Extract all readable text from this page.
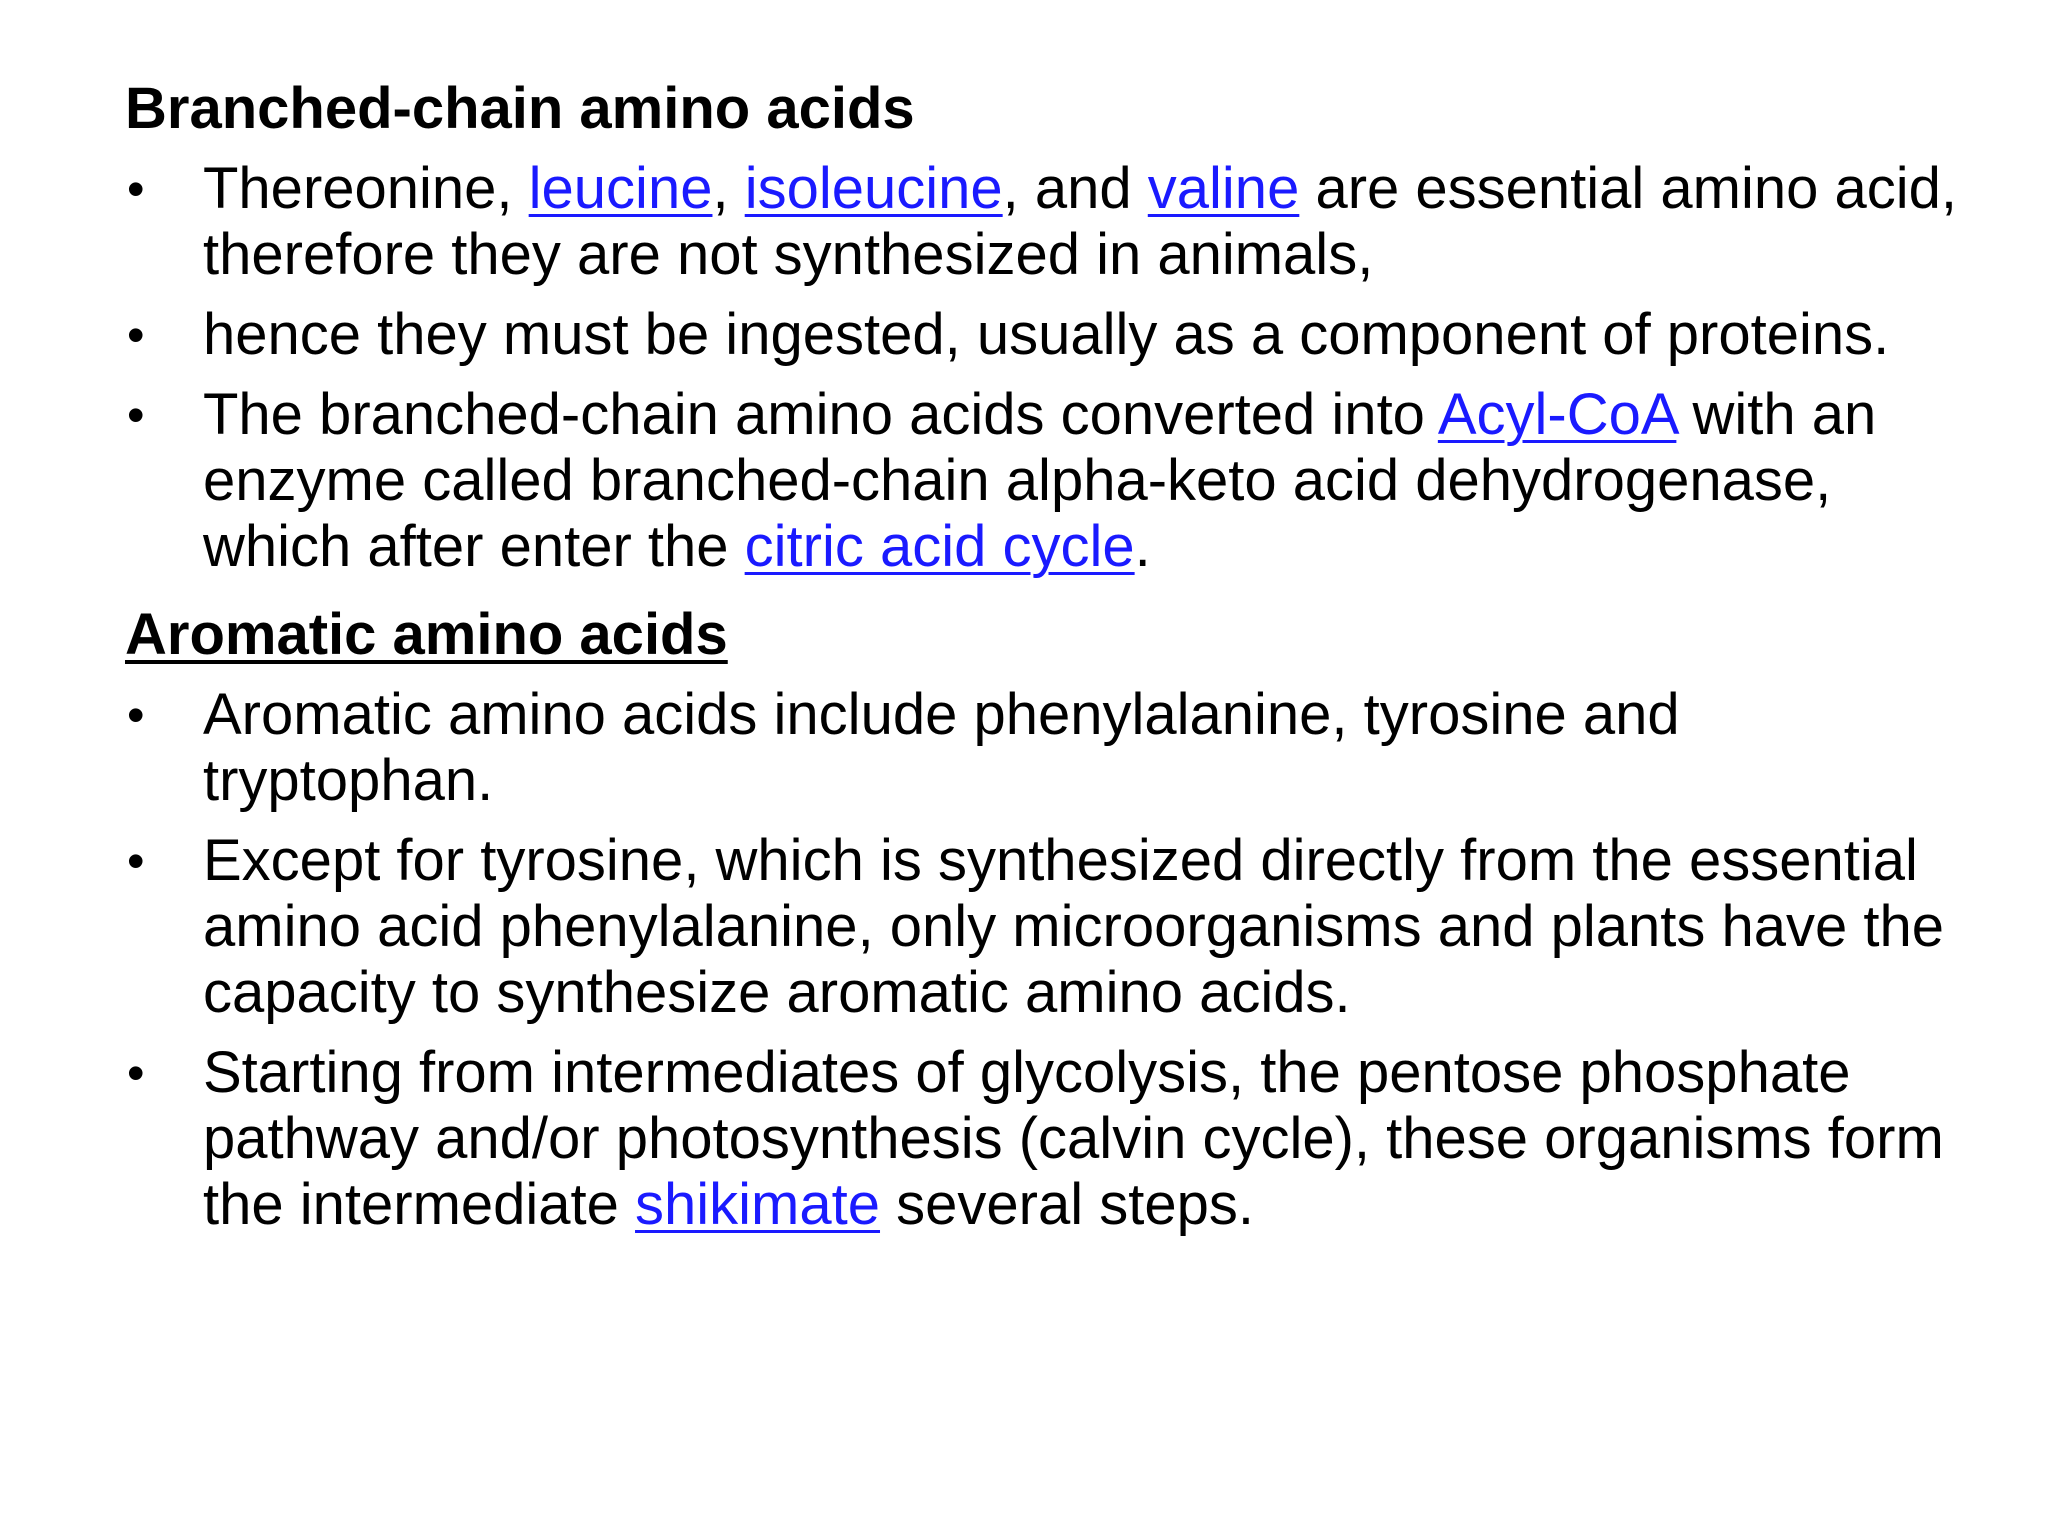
Branched-chain amino acids
•	Thereonine, leucine, isoleucine, and valine are essential amino acid, therefore they are not synthesized in animals,
•	hence they must be ingested, usually as a component of proteins.
•	The branched-chain amino acids converted into Acyl-CoA with an enzyme called branched-chain alpha-keto acid dehydrogenase, which after enter the citric acid cycle.
Aromatic amino acids
•	Aromatic amino acids include phenylalanine, tyrosine and tryptophan.
•	Except for tyrosine, which is synthesized directly from the essential amino acid phenylalanine, only microorganisms and plants have the capacity to synthesize aromatic amino acids.
•	Starting from intermediates of glycolysis, the pentose phosphate pathway and/or photosynthesis (calvin cycle), these organisms form the intermediate shikimate several steps.
